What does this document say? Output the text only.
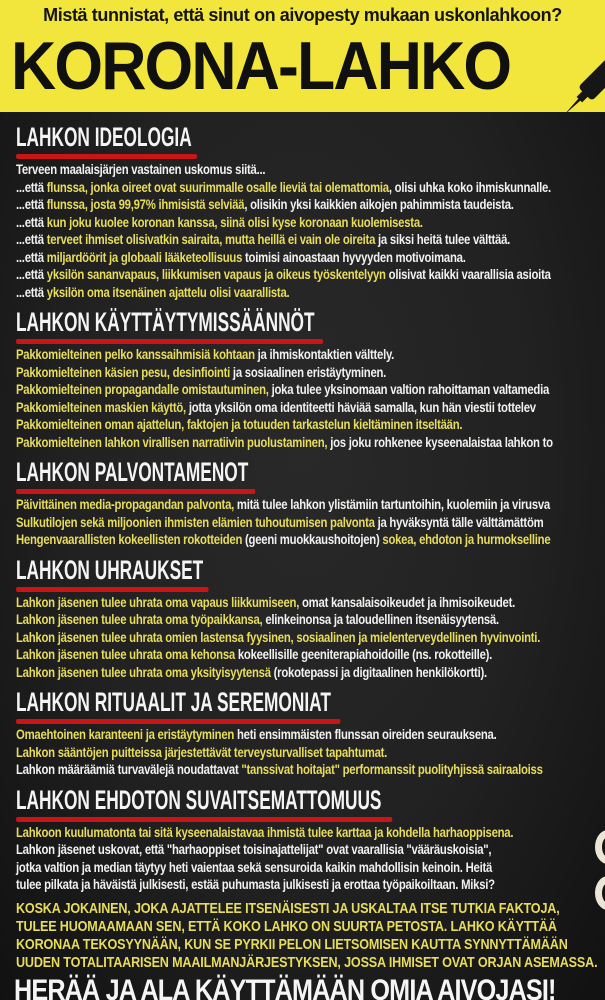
Mistä tunnistat, että sinut on aivopesty mukaan uskonlahkoon?

KORONA-LAHKO
LAHKON IDEOLOGIA

Terveen maalaisjärjen vastainen uskomus siitä...

...että flunssa, jonka oireet ovat suurimmalle osalle lieviä tai olemattomia, olisi uhka koko ihmiskunnalle.

...että flunssa, josta 99,97% ihmisistä selviää, olisikin yksi kaikkien aikojen pahimmista taudeista.

...että kun joku kuolee koronan kanssa, siinä olisi kyse koronaan kuolemisesta.

...että terveet ihmiset olisivatkin sairaita, mutta heillä ei vain ole oireita ja siksi heitä tulee välttää.

...että miljardöörit ja globaali lääketeollisuus toimisi ainoastaan hyvyyden motivoimana.

...että yksilön sananvapaus, liikkumisen vapaus ja oikeus työskentelyyn olisivat kaikki vaarallisia asioita

...että yksilön oma itsenäinen ajattelu olisi vaarallista.

LAHKON KÄYTTÄYTYMISSÄÄNNÖT

Pakkomielteinen pelko kanssaihmisiä kohtaan ja ihmiskontaktien välttely.

Pakkomielteinen käsien pesu, desinfiointi ja sosiaalinen eristäytyminen.

Pakkomielteinen propagandalle omistautuminen, joka tulee yksinomaan valtion rahoittaman valtamedia

Pakkomielteinen maskien käyttö, jotta yksilön oma identiteetti häviää samalla, kun hän viestii tottelev

Pakkomielteinen oman ajattelun, faktojen ja totuuden tarkastelun kieltäminen itseltään.

Pakkomielteinen lahkon virallisen narratiivin puolustaminen, jos joku rohkenee kyseenalaistaa lahkon to

LAHKON PALVONTAMENOT

Päivittäinen media-propagandan palvonta, mitä tulee lahkon ylistämiin tartuntoihin, kuolemiin ja virusva

Sulkutilojen sekä miljoonien ihmisten elämien tuhoutumisen palvonta ja hyväksyntä tälle välttämättöm

Hengenvaarallisten kokeellisten rokotteiden (geeni muokkaushoitojen) sokea, ehdoton ja hurmokselline

LAHKON UHRAUKSET

Lahkon jäsenen tulee uhrata oma vapaus liikkumiseen, omat kansalaisoikeudet ja ihmisoikeudet.

Lahkon jäsenen tulee uhrata oma työpaikkansa, elinkeinonsa ja taloudellinen itsenäisyytensä.

Lahkon jäsenen tulee uhrata omien lastensa fyysinen, sosiaalinen ja mielenterveydellinen hyvinvointi.

Lahkon jäsenen tulee uhrata oma kehonsa kokeellisille geeniterapiahoidoille (ns. rokotteille).

Lahkon jäsenen tulee uhrata oma yksityisyytensä (rokotepassi ja digitaalinen henkilökortti).

LAHKON RITUAALIT JA SEREMONIAT

Omaehtoinen karanteeni ja eristäytyminen heti ensimmäisten flunssan oireiden seurauksena.

Lahkon sääntöjen puitteissa järjestettävät terveysturvalliset tapahtumat.

Lahkon määräämiä turvavälejä noudattavat "tanssivat hoitajat" performanssit puolityhjissä sairaaloiss

LAHKON EHDOTON SUVAITSEMATTOMUUS

Lahkoon kuulumatonta tai sitä kyseenalaistavaa ihmistä tulee karttaa ja kohdella harhaoppisena.

Lahkon jäsenet uskovat, että "harhaoppiset toisinajattelijat" ovat vaarallisia "vääräuskoisia",

jotka valtion ja median täytyy heti vaientaa sekä sensuroida kaikin mahdollisin keinoin. Heitä

tulee pilkata ja häväistä julkisesti, estää puhumasta julkisesti ja erottaa työpaikoiltaan. Miksi?

KOSKA JOKAINEN, JOKA AJATTELEE ITSENÄISESTI JA USKALTAA ITSE TUTKIA FAKTOJA,

TULEE HUOMAAMAAN SEN, ETTÄ KOKO LAHKO ON SUURTA PETOSTA. LAHKO KÄYTTÄÄ

KORONAA TEKOSYYNÄÄN, KUN SE PYRKII PELON LIETSOMISEN KAUTTA SYNNYTTÄMÄÄN

UUDEN TOTALITAARISEN MAAILMANJÄRJESTYKSEN, JOSSA IHMISET OVAT ORJAN ASEMASSA.

HERÄÄ JA ALA KÄYTTÄMÄÄN OMIA AIVOJASI!
